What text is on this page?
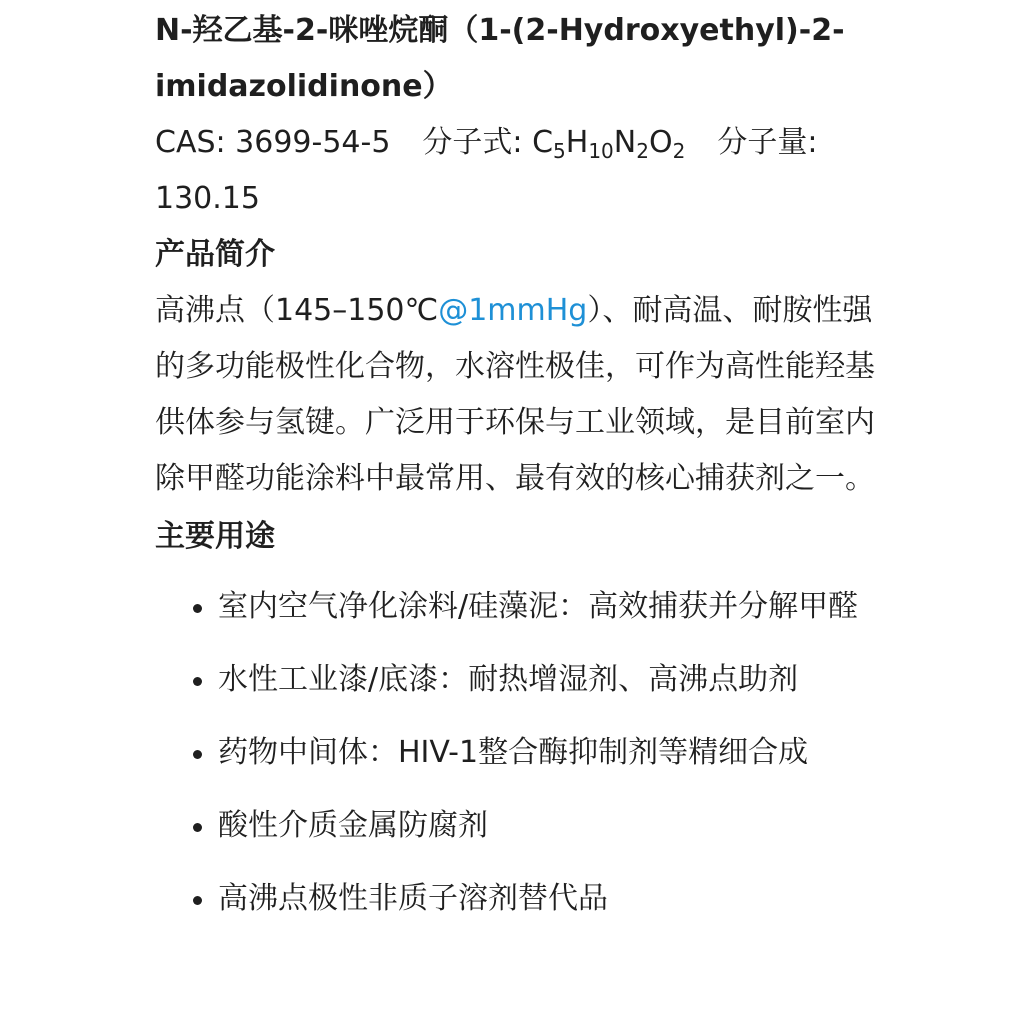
N-羟乙基-2-咪唑烷酮（1-(2-Hydroxyethyl)-2-imidazolidinone）

CAS: 3699-54-5 分子式: $C_5H_{10}N_2O_2$ 分子量: 130.15

产品简介

高沸点（145–150℃@1mmHg）、耐高温、耐胺性强的多功能极性化合物，水溶性极佳，可作为高性能羟基供体参与氢键。广泛用于环保与工业领域，是目前室内除甲醛功能涂料中最常用、最有效的核心捕获剂之一。

主要用途
室内空气净化涂料/硅藻泥：高效捕获并分解甲醛
水性工业漆/底漆：耐热增湿剂、高沸点助剂
药物中间体：HIV-1整合酶抑制剂等精细合成
酸性介质金属防腐剂
高沸点极性非质子溶剂替代品
